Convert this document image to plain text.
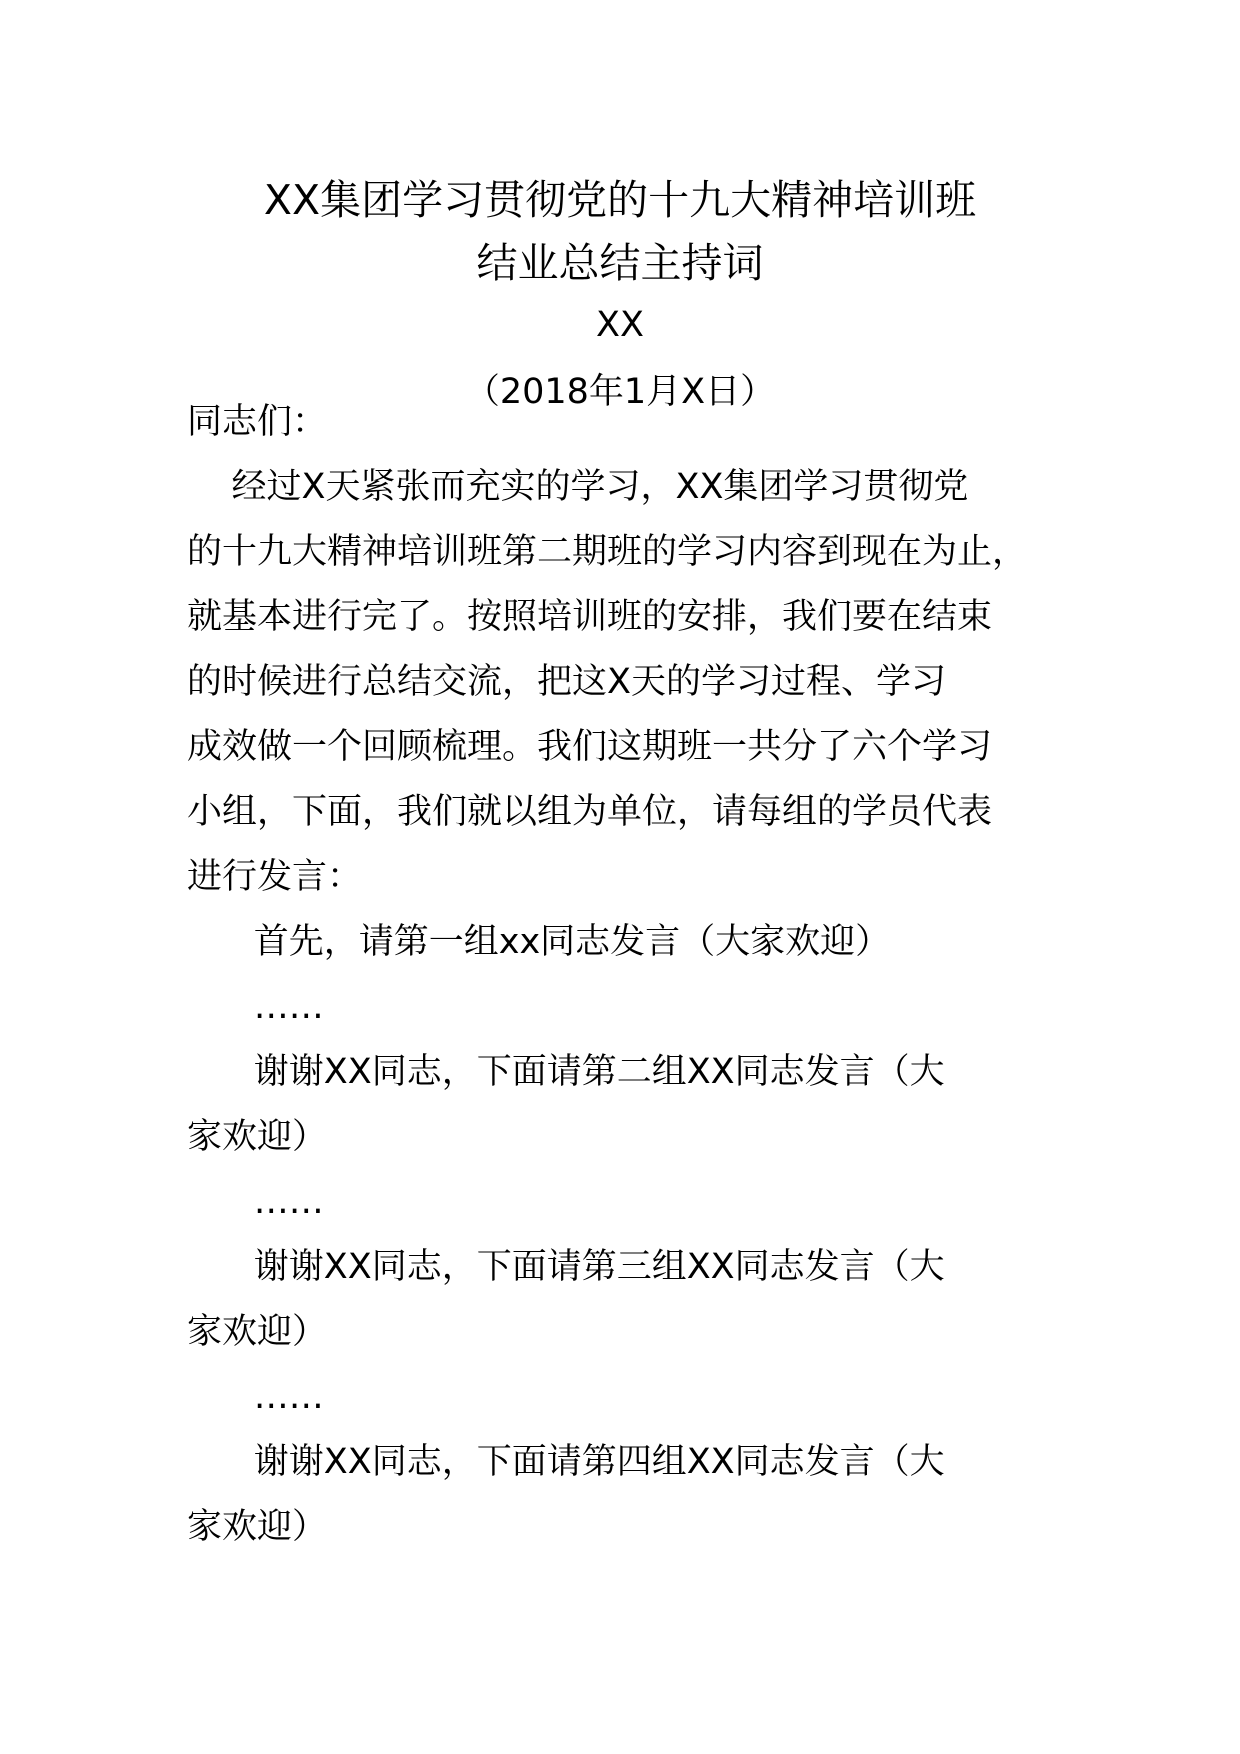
XX集团学习贯彻党的十九大精神培训班
结业总结主持词
XX
（2018年1月X日）
同志们：
经过X天紧张而充实的学习，XX集团学习贯彻党
的十九大精神培训班第二期班的学习内容到现在为止，
就基本进行完了。按照培训班的安排，我们要在结束
的时候进行总结交流，把这X天的学习过程、学习
成效做一个回顾梳理。我们这期班一共分了六个学习
小组，下面，我们就以组为单位，请每组的学员代表
进行发言：
首先，请第一组xx同志发言（大家欢迎）
……
谢谢XX同志，下面请第二组XX同志发言（大
家欢迎）
……
谢谢XX同志，下面请第三组XX同志发言（大
家欢迎）
……
谢谢XX同志，下面请第四组XX同志发言（大
家欢迎）
